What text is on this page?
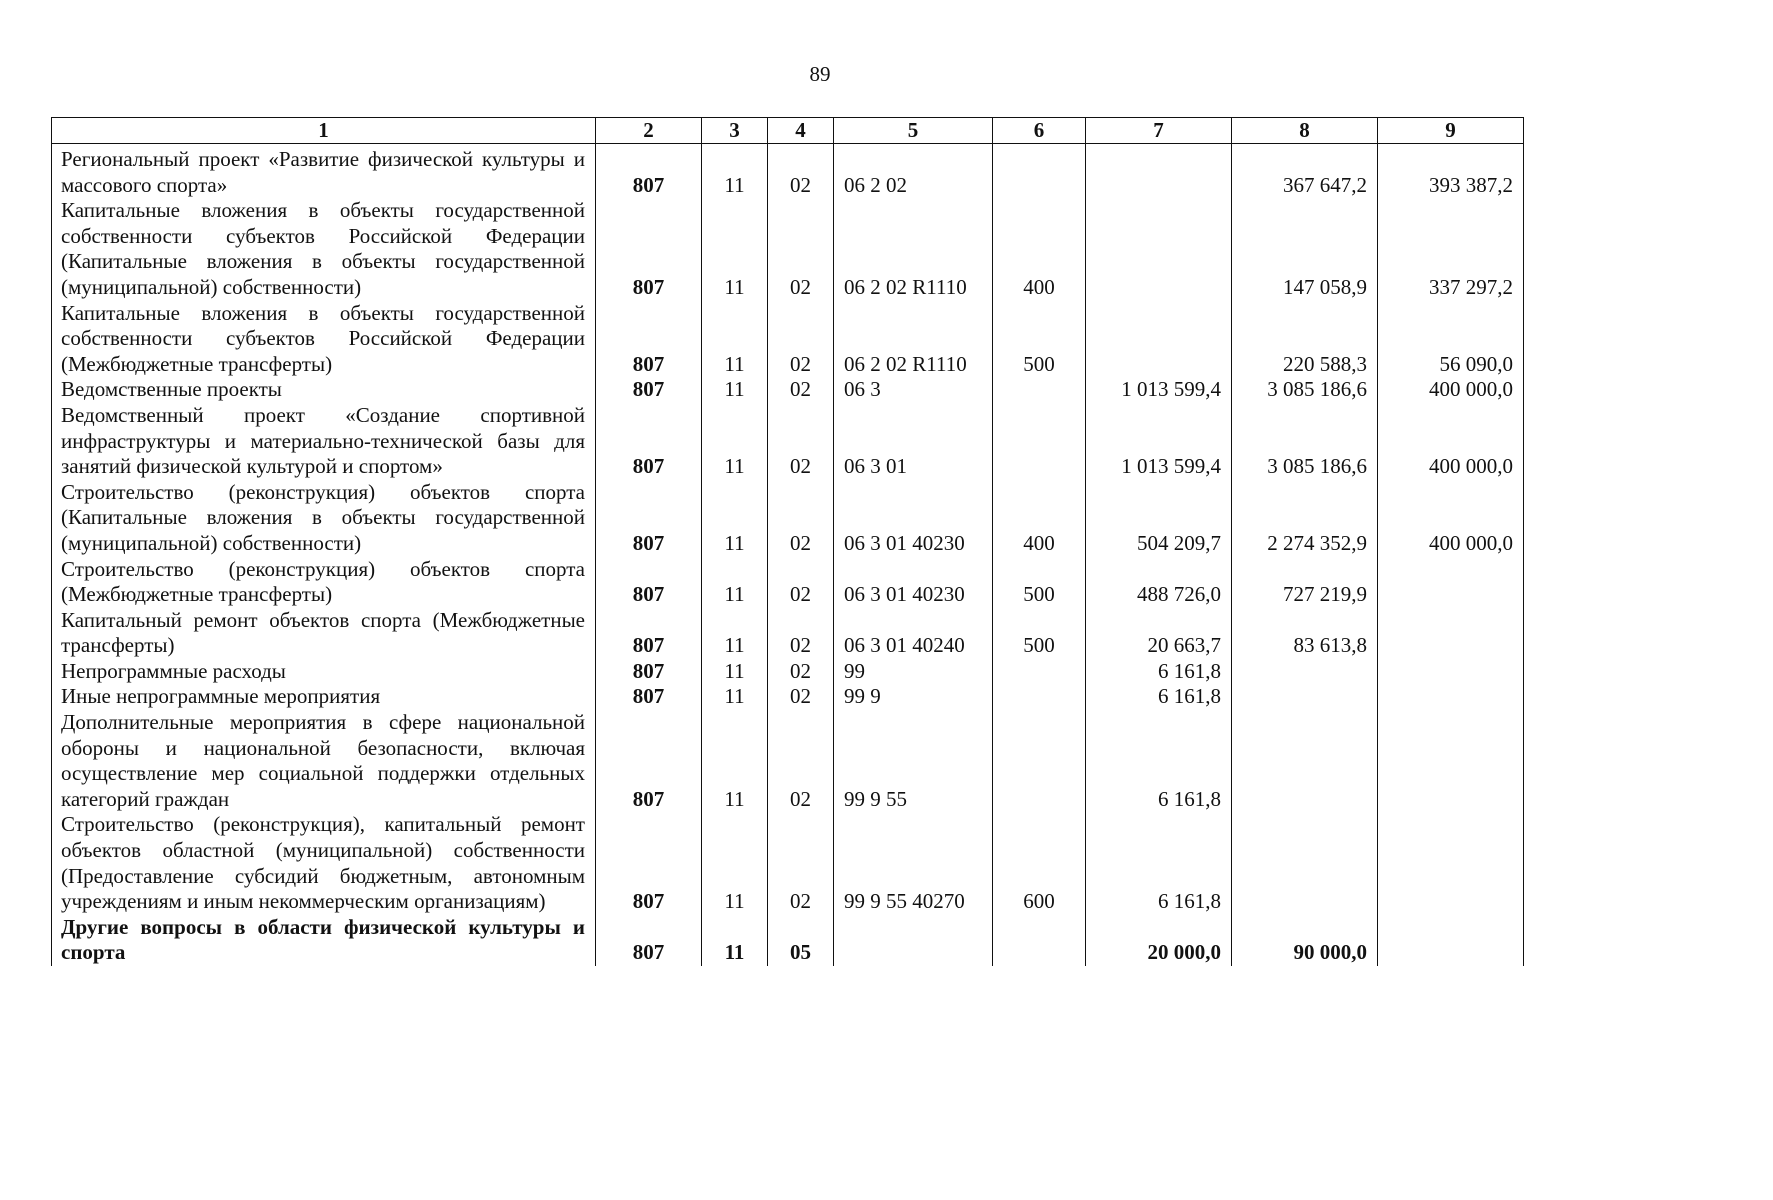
89
1	2	3	4	5	6	7	8	9
Региональный проект «Развитие физической культуры и массового спорта»	807	11	02	06 2 02			367 647,2	393 387,2
Капитальные вложения в объекты государственной собственности субъектов Российской Федерации (Капитальные вложения в объекты государственной (муниципальной) собственности)	807	11	02	06 2 02 R1110	400		147 058,9	337 297,2
Капитальные вложения в объекты государственной собственности субъектов Российской Федерации (Межбюджетные трансферты)	807	11	02	06 2 02 R1110	500		220 588,3	56 090,0
Ведомственные проекты	807	11	02	06 3		1 013 599,4	3 085 186,6	400 000,0
Ведомственный проект «Создание спортивной инфраструктуры и материально-технической базы для занятий физической культурой и спортом»	807	11	02	06 3 01		1 013 599,4	3 085 186,6	400 000,0
Строительство (реконструкция) объектов спорта (Капитальные вложения в объекты государственной (муниципальной) собственности)	807	11	02	06 3 01 40230	400	504 209,7	2 274 352,9	400 000,0
Строительство (реконструкция) объектов спорта (Межбюджетные трансферты)	807	11	02	06 3 01 40230	500	488 726,0	727 219,9	
Капитальный ремонт объектов спорта (Межбюджетные трансферты)	807	11	02	06 3 01 40240	500	20 663,7	83 613,8	
Непрограммные расходы	807	11	02	99		6 161,8		
Иные непрограммные мероприятия	807	11	02	99 9		6 161,8		
Дополнительные мероприятия в сфере национальной обороны и национальной безопасности, включая осуществление мер социальной поддержки отдельных категорий граждан	807	11	02	99 9 55		6 161,8		
Строительство (реконструкция), капитальный ремонт объектов областной (муниципальной) собственности (Предоставление субсидий бюджетным, автономным учреждениям и иным некоммерческим организациям)	807	11	02	99 9 55 40270	600	6 161,8		
Другие вопросы в области физической культуры и спорта	807	11	05			20 000,0	90 000,0	
